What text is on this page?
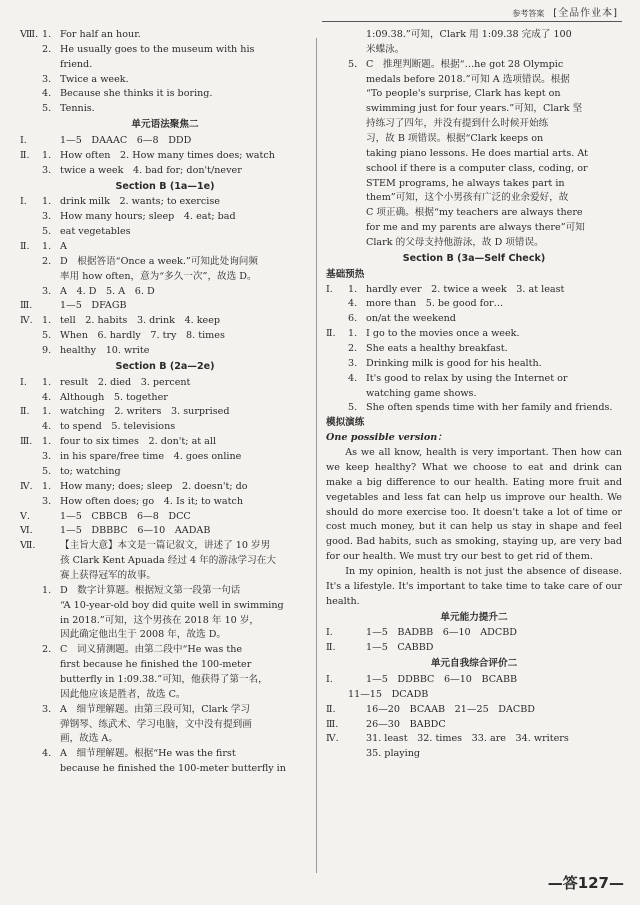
参考答案 [全品作业本]
Ⅷ. 1. For half an hour.
2. He usually goes to the museum with his
friend.
3. Twice a week.
4. Because she thinks it is boring.
5. Tennis.
单元语法聚焦二
Ⅰ.	1—5　DAAAC　6—8　DDD
Ⅱ.	1. How often　2. How many times does; watch
3. twice a week　4. bad for; don't/never
Section B (1a—1e)
Ⅰ.	1. drink milk　2. wants; to exercise
3. How many hours; sleep　4. eat; bad
5. eat vegetables
Ⅱ.	1. A
2. D　根据答语“Once a week.”可知此处询问频
率用 how often，意为“多久一次”，故选 D。
3. A　4. D　5. A　6. D
Ⅲ.	1—5　DFAGB
Ⅳ. 1. tell　2. habits　3. drink　4. keep
5. When　6. hardly　7. try　8. times
9. healthy　10. write
Section B (2a—2e)
Ⅰ.	1. result　2. died　3. percent
4. Although　5. together
Ⅱ.	1. watching　2. writers　3. surprised
4. to spend　5. televisions
Ⅲ.	1. four to six times　2. don't; at all
3. in his spare/free time　4. goes online
5. to; watching
Ⅳ. 1. How many; does; sleep　2. doesn't; do
3. How often does; go　4. Is it; to watch
Ⅴ.	1—5　CBBCB　6—8　DCC
Ⅵ.	1—5　DBBBC　6—10　AADAB
Ⅶ.	【主旨大意】本文是一篇记叙文，讲述了 10 岁男
孩 Clark Kent Apuada 经过 4 年的游泳学习在大
赛上获得冠军的故事。
1. D　数字计算题。根据短文第一段第一句话
“A 10-year-old boy did quite well in swimming
in 2018.”可知，这个男孩在 2018 年 10 岁，
因此确定他出生于 2008 年，故选 D。
2. C　词义猜测题。由第二段中“He was the
first because he finished the 100-meter
butterfly in 1:09.38.”可知，他获得了第一名，
因此他应该是胜者，故选 C。
3. A　细节理解题。由第三段可知，Clark 学习
弹钢琴、练武术、学习电脑，文中没有提到画
画，故选 A。
4. A　细节理解题。根据“He was the first
because he finished the 100-meter butterfly in
1:09.38.”可知，Clark 用 1:09.38 完成了 100
米蝶泳。
5. C　推理判断题。根据“…he got 28 Olympic
medals before 2018.”可知 A 选项错误。根据
“To people's surprise, Clark has kept on
swimming just for four years.”可知，Clark 坚
持练习了四年，并没有提到什么时候开始练
习，故 B 项错误。根据“Clark keeps on
taking piano lessons. He does martial arts. At
school if there is a computer class, coding, or
STEM programs, he always takes part in
them”可知，这个小男孩有广泛的业余爱好，故
C 项正确。根据“my teachers are always there
for me and my parents are always there”可知
Clark 的父母支持他游泳，故 D 项错误。
Section B (3a—Self Check)
基础预热
Ⅰ.	1. hardly ever　2. twice a week　3. at least
4. more than　5. be good for…
6. on/at the weekend
Ⅱ.	1. I go to the movies once a week.
2. She eats a healthy breakfast.
3. Drinking milk is good for his health.
4. It's good to relax by using the Internet or
watching game shows.
5. She often spends time with her family and friends.
模拟演练
One possible version：
As we all know, health is very important. Then how can we keep healthy? What we choose to eat and drink can make a big difference to our health. Eating more fruit and vegetables and less fat can help us improve our health. We should do more exercise too. It doesn't take a lot of time or cost much money, but it can help us stay in shape and feel good. Bad habits, such as smoking, staying up, are very bad for our health. We must try our best to get rid of them.
In my opinion, health is not just the absence of disease. It's a lifestyle. It's important to take time to take care of our health.
单元能力提升二
Ⅰ.	1—5　BADBB　6—10　ADCBD
Ⅱ.	1—5　CABBD
单元自我综合评价二
Ⅰ.	1—5　DDBBC　6—10　BCABB
11—15　DCADB
Ⅱ.	16—20　BCAAB　21—25　DACBD
Ⅲ.	26—30　BABDC
Ⅳ.	31. least　32. times　33. are　34. writers
35. playing
—答127—
